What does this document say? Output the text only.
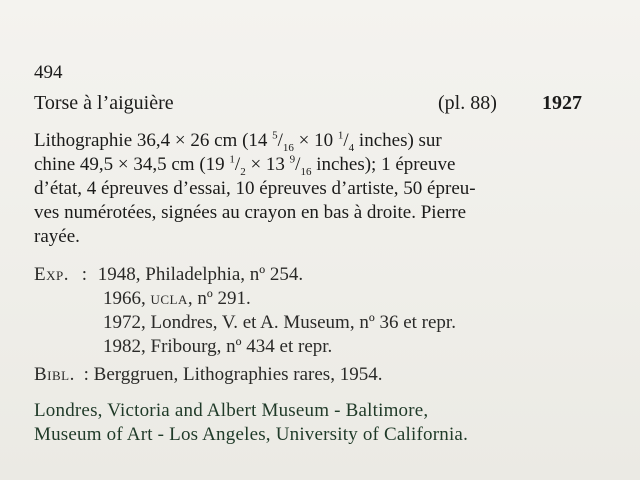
494
Torse à l’aiguière	(pl. 88) 1927
Lithographie 36,4 × 26 cm (14 $^5/_{16} \times 10$ $^1/_4$ inches) sur
chine 49,5 × 34,5 cm (19 $^1/_2 \times 13$ $^9/_{16}$ inches); 1 épreuve
d’état, 4 épreuves d’essai, 10 épreuves d’artiste, 50 épreu-
ves numérotées, signées au crayon en bas à droite. Pierre
rayée.
Exp. : 1948, Philadelphia, nº 254.
1966, ucla, nº 291.
1972, Londres, V. et A. Museum, nº 36 et repr.
1982, Fribourg, nº 434 et repr.
Bibl. : Berggruen, Lithographies rares, 1954.
Londres, Victoria and Albert Museum - Baltimore,
Museum of Art - Los Angeles, University of California.
